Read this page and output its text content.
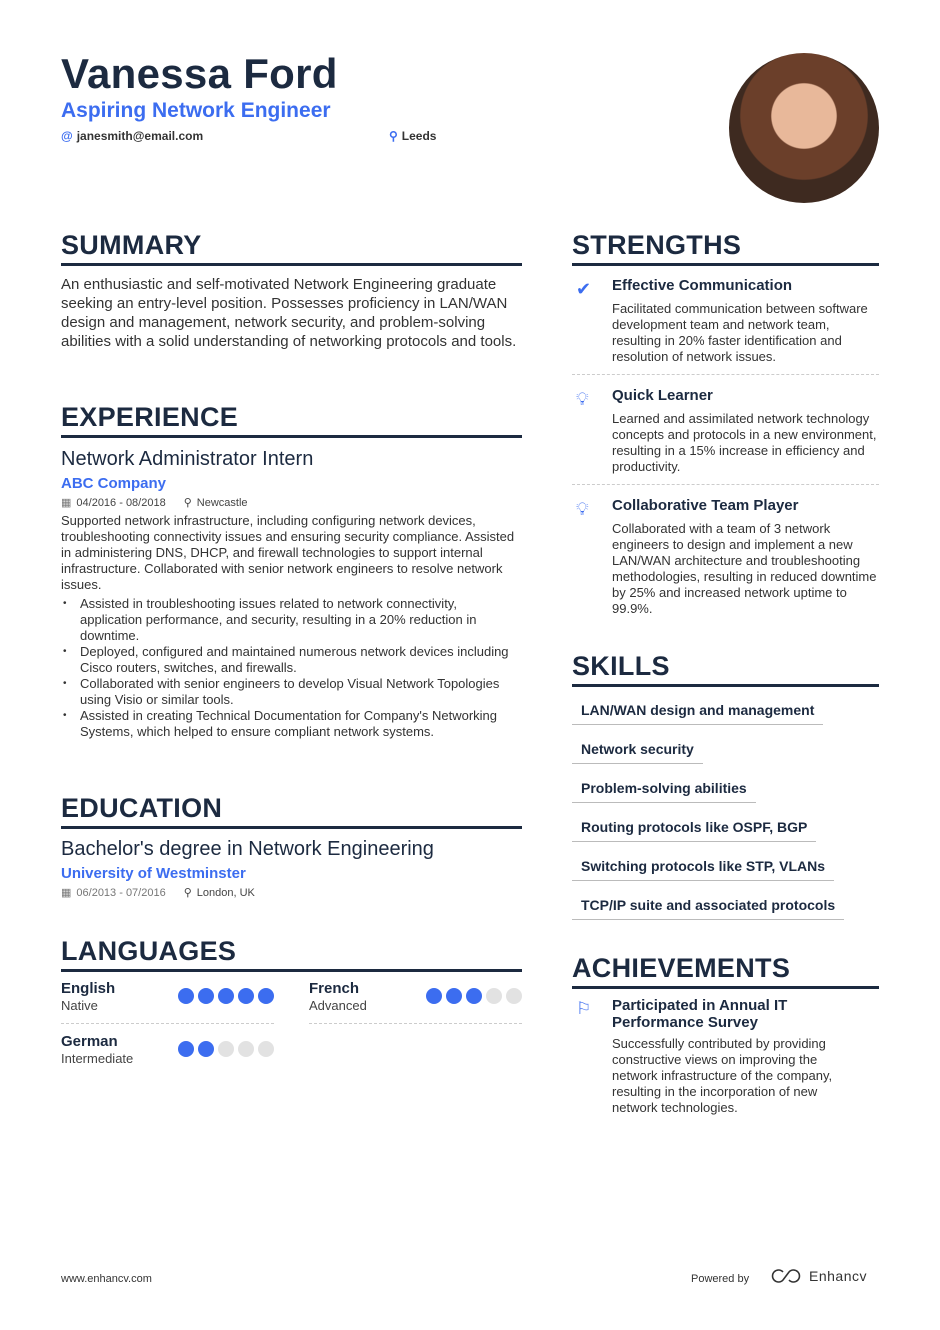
Vanessa Ford
Aspiring Network Engineer
@ janesmith@email.com	⚲ Leeds
SUMMARY
An enthusiastic and self-motivated Network Engineering graduate seeking an entry-level position. Possesses proficiency in LAN/WAN design and management, network security, and problem-solving abilities with a solid understanding of networking protocols and tools.
EXPERIENCE
Network Administrator Intern
ABC Company
▦ 04/2016 - 08/2018 ⚲ Newcastle
Supported network infrastructure, including configuring network devices, troubleshooting connectivity issues and ensuring security compliance. Assisted in administering DNS, DHCP, and firewall technologies to support internal infrastructure. Collaborated with senior network engineers to resolve network issues.
• Assisted in troubleshooting issues related to network connectivity, application performance, and security, resulting in a 20% reduction in downtime.
• Deployed, configured and maintained numerous network devices including Cisco routers, switches, and firewalls.
• Collaborated with senior engineers to develop Visual Network Topologies using Visio or similar tools.
• Assisted in creating Technical Documentation for Company's Networking Systems, which helped to ensure compliant network systems.
EDUCATION
Bachelor's degree in Network Engineering
University of Westminster
▦ 06/2013 - 07/2016 ⚲ London, UK
LANGUAGES
English
Native
French
Advanced
German
Intermediate
STRENGTHS
✔ Effective Communication

Facilitated communication between software development team and network team, resulting in 20% faster identification and resolution of network issues.

💡︎ Quick Learner

Learned and assimilated network technology concepts and protocols in a new environment, resulting in a 15% increase in efficiency and productivity.

💡︎ Collaborative Team Player

Collaborated with a team of 3 network engineers to design and implement a new LAN/WAN architecture and troubleshooting methodologies, resulting in reduced downtime by 25% and increased network uptime to 99.9%.

SKILLS
LAN/WAN design and management
Network security
Problem-solving abilities
Routing protocols like OSPF, BGP
Switching protocols like STP, VLANs
TCP/IP suite and associated protocols
ACHIEVEMENTS
⚐ Participated in Annual IT Performance Survey

Successfully contributed by providing constructive views on improving the network infrastructure of the company, resulting in the incorporation of new network technologies.

www.enhancv.com	Powered by	Enhancv
